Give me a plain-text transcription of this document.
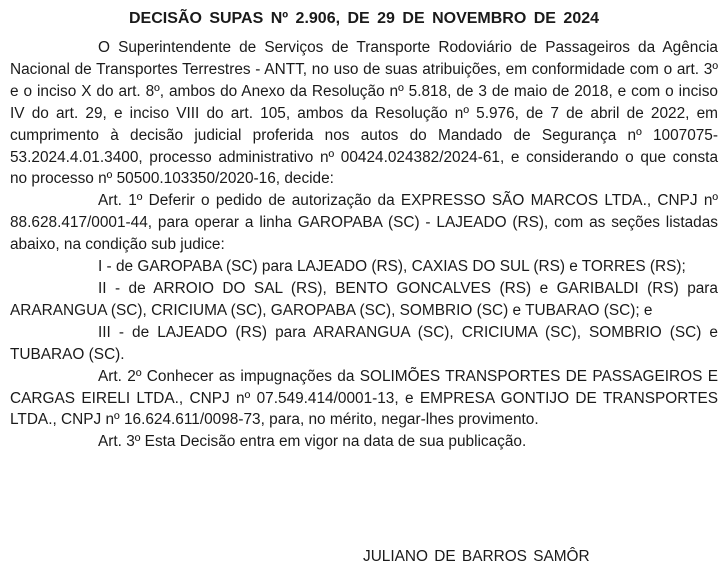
DECISÃO SUPAS Nº 2.906, DE 29 DE NOVEMBRO DE 2024

O Superintendente de Serviços de Transporte Rodoviário de Passageiros da Agência Nacional de Transportes Terrestres - ANTT, no uso de suas atribuições, em conformidade com o art. 3º e o inciso X do art. 8º, ambos do Anexo da Resolução nº 5.818, de 3 de maio de 2018, e com o inciso IV do art. 29, e inciso VIII do art. 105, ambos da Resolução nº 5.976, de 7 de abril de 2022, em cumprimento à decisão judicial proferida nos autos do Mandado de Segurança nº 1007075-53.2024.4.01.3400, processo administrativo nº 00424.024382/2024-61, e considerando o que consta no processo nº 50500.103350/2020-16, decide:

Art. 1º Deferir o pedido de autorização da EXPRESSO SÃO MARCOS LTDA., CNPJ nº 88.628.417/0001-44, para operar a linha GAROPABA (SC) - LAJEADO (RS), com as seções listadas abaixo, na condição sub judice:

I - de GAROPABA (SC) para LAJEADO (RS), CAXIAS DO SUL (RS) e TORRES (RS);

II - de ARROIO DO SAL (RS), BENTO GONCALVES (RS) e GARIBALDI (RS) para ARARANGUA (SC), CRICIUMA (SC), GAROPABA (SC), SOMBRIO (SC) e TUBARAO (SC); e

III - de LAJEADO (RS) para ARARANGUA (SC), CRICIUMA (SC), SOMBRIO (SC) e TUBARAO (SC).

Art. 2º Conhecer as impugnações da SOLIMÕES TRANSPORTES DE PASSAGEIROS E CARGAS EIRELI LTDA., CNPJ nº 07.549.414/0001-13, e EMPRESA GONTIJO DE TRANSPORTES LTDA., CNPJ nº 16.624.611/0098-73, para, no mérito, negar-lhes provimento.

Art. 3º Esta Decisão entra em vigor na data de sua publicação.

JULIANO DE BARROS SAMÔR
